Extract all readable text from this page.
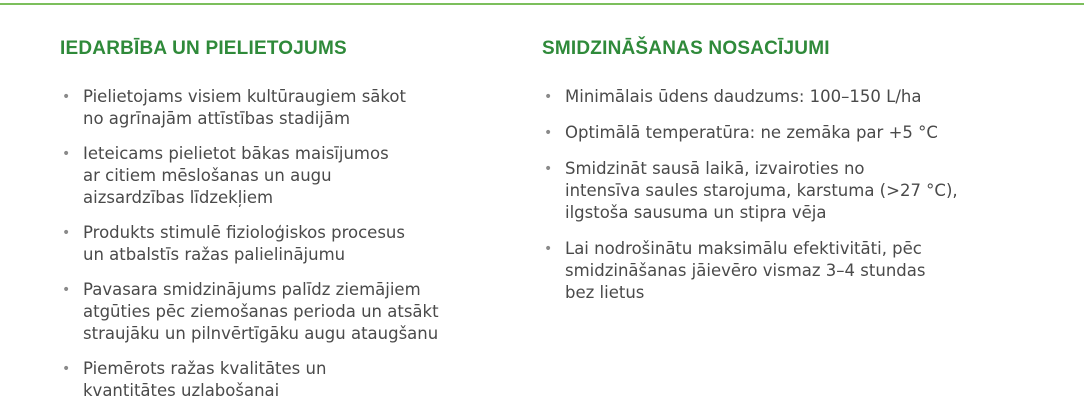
IEDARBĪBA UN PIELIETOJUMS
• Pielietojams visiem kultūraugiem sākot
no agrīnajām attīstības stadijām
• Ieteicams pielietot bākas maisījumos
ar citiem mēslošanas un augu
aizsardzības līdzekļiem
• Produkts stimulē fizioloģiskos procesus
un atbalstīs ražas palielinājumu
• Pavasara smidzinājums palīdz ziemājiem
atgūties pēc ziemošanas perioda un atsākt
straujāku un pilnvērtīgāku augu ataugšanu
• Piemērots ražas kvalitātes un
kvantitātes uzlabošanai
SMIDZINĀŠANAS NOSACĪJUMI
• Minimālais ūdens daudzums: 100–150 L/ha
• Optimālā temperatūra: ne zemāka par +5 °C
• Smidzināt sausā laikā, izvairoties no
intensīva saules starojuma, karstuma (>27 °C),
ilgstoša sausuma un stipra vēja
• Lai nodrošinātu maksimālu efektivitāti, pēc
smidzināšanas jāievēro vismaz 3–4 stundas
bez lietus
